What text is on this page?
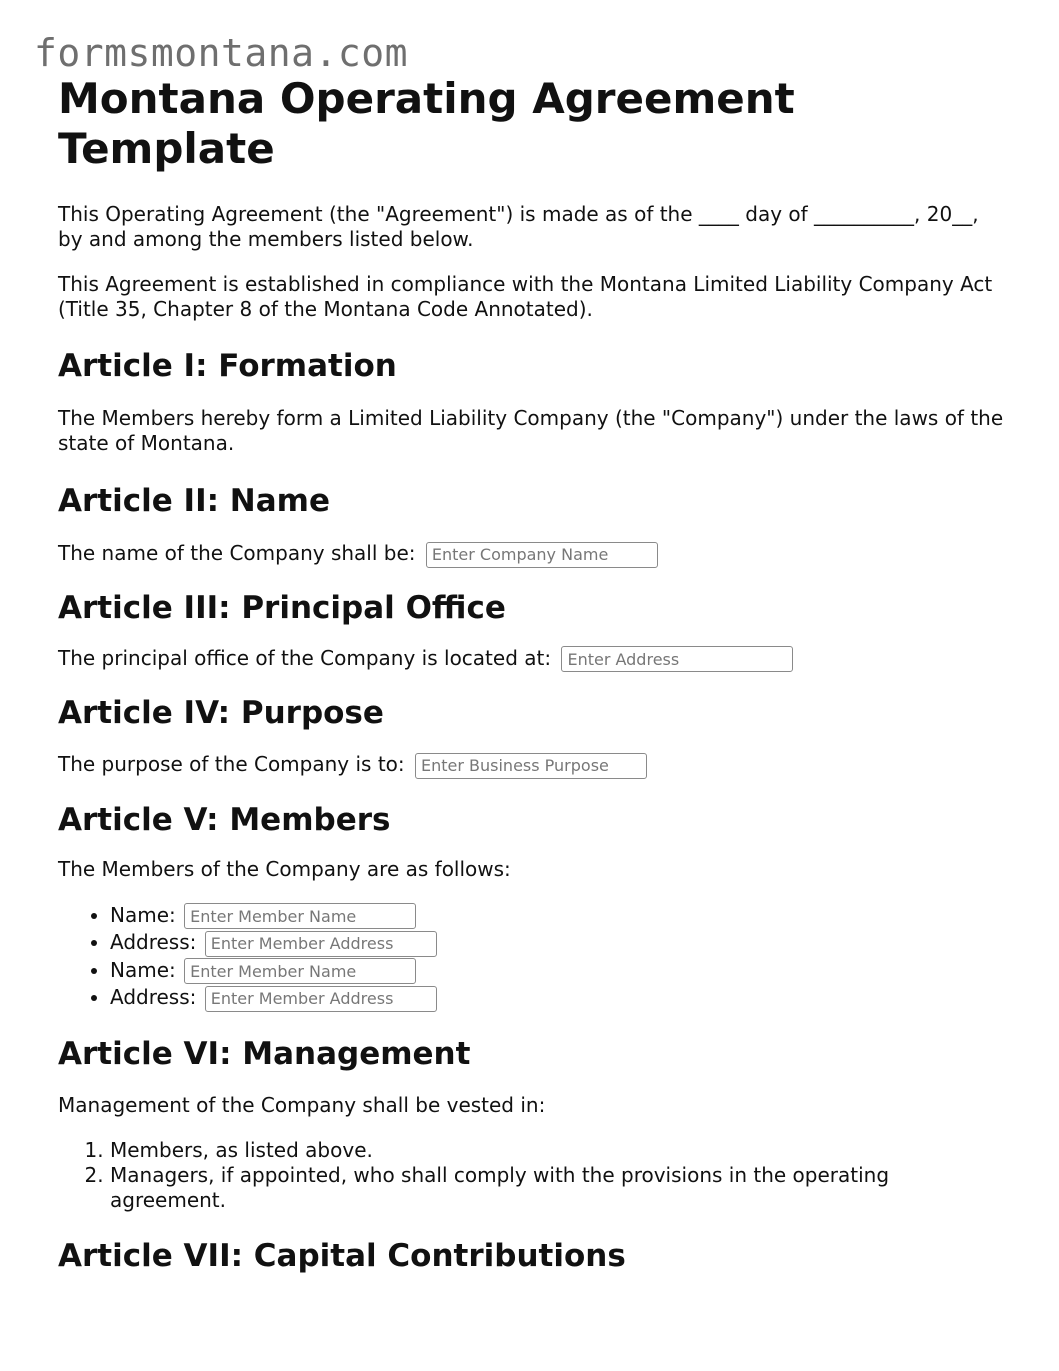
formsmontana.com
Montana Operating Agreement Template

This Operating Agreement (the "Agreement") is made as of the ____ day of __________, 20__, by and among the members listed below.

This Agreement is established in compliance with the Montana Limited Liability Company Act (Title 35, Chapter 8 of the Montana Code Annotated).

Article I: Formation

The Members hereby form a Limited Liability Company (the "Company") under the laws of the state of Montana.

Article II: Name

The name of the Company shall be: Enter Company Name

Article III: Principal Office

The principal office of the Company is located at: Enter Address

Article IV: Purpose

The purpose of the Company is to: Enter Business Purpose

Article V: Members

The Members of the Company are as follows:

• Name: Enter Member Name
• Address: Enter Member Address
• Name: Enter Member Name
• Address: Enter Member Address
Article VI: Management

Management of the Company shall be vested in:

1. Members, as listed above.
2. Managers, if appointed, who shall comply with the provisions in the operating agreement.
Article VII: Capital Contributions
